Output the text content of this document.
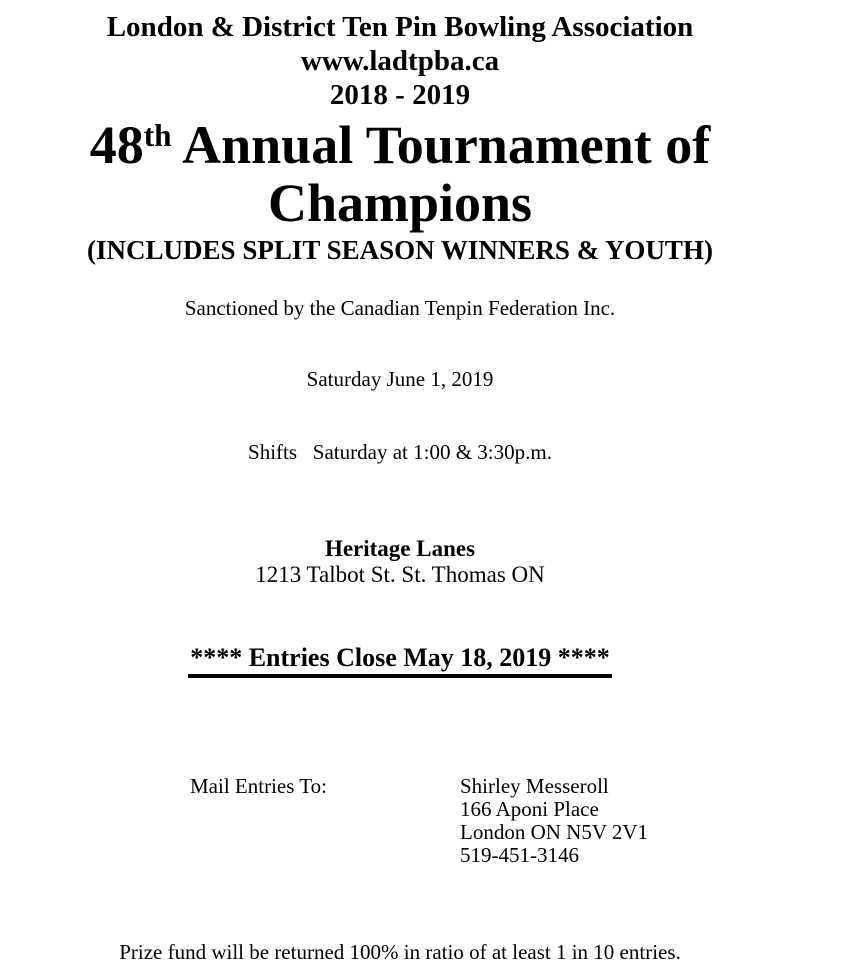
London & District Ten Pin Bowling Association
www.ladtpba.ca
2018 - 2019
48th Annual Tournament of
Champions
(INCLUDES SPLIT SEASON WINNERS & YOUTH)
Sanctioned by the Canadian Tenpin Federation Inc.
Saturday June 1, 2019
Shifts   Saturday at 1:00 & 3:30p.m.
Heritage Lanes
1213 Talbot St. St. Thomas ON
**** Entries Close May 18, 2019 ****
Mail Entries To:	Shirley Messeroll
166 Aponi Place
London ON N5V 2V1
519-451-3146
Prize fund will be returned 100% in ratio of at least 1 in 10 entries.
